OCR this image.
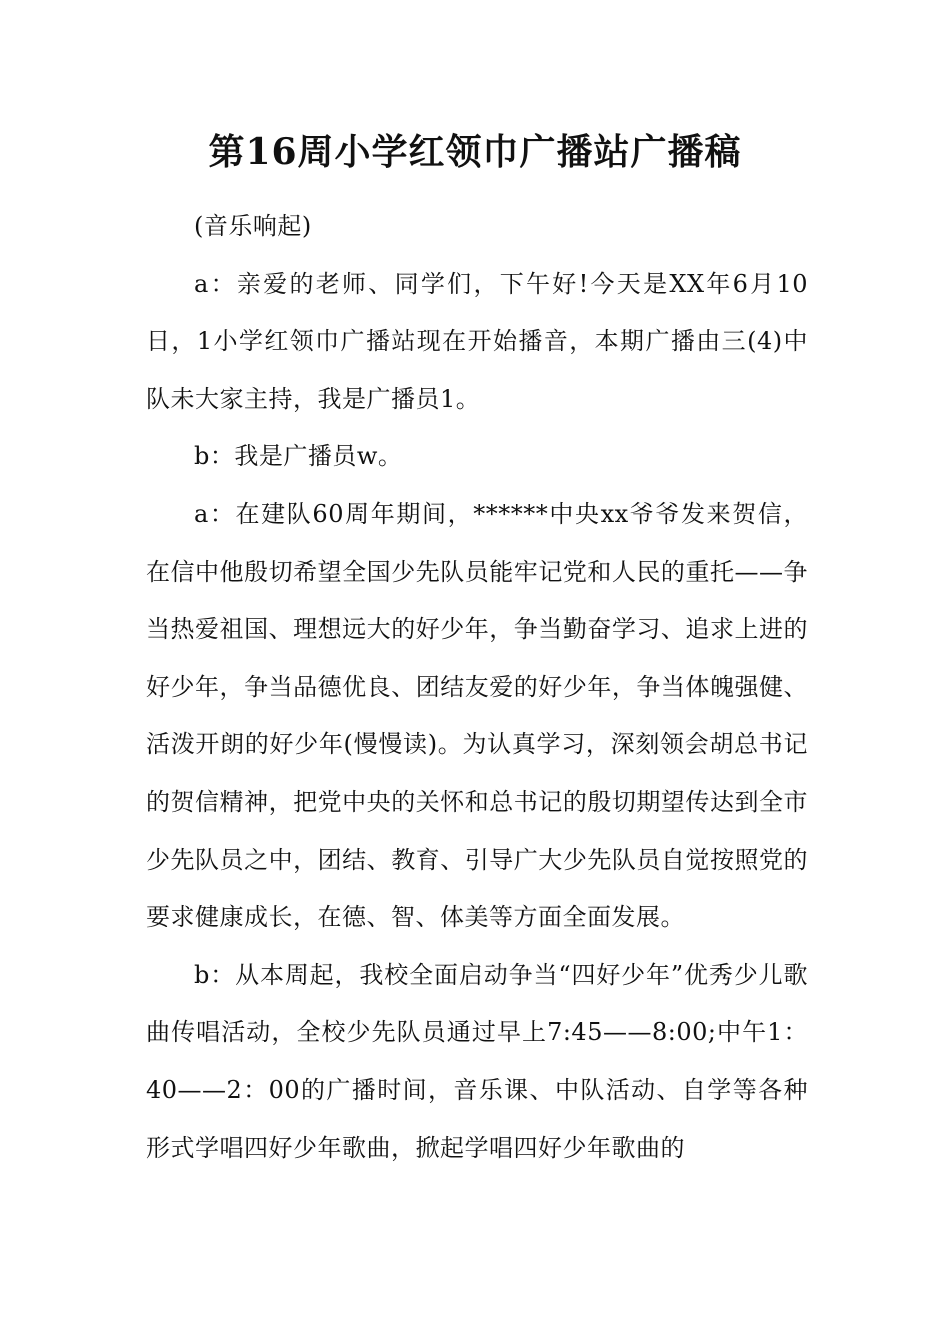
第16周小学红领巾广播站广播稿

(音乐响起)

a：亲爱的老师、同学们，下午好!今天是XX年6月10日，1小学红领巾广播站现在开始播音，本期广播由三(4)中队未大家主持，我是广播员1。

b：我是广播员w。

a：在建队60周年期间，******中央xx爷爷发来贺信，在信中他殷切希望全国少先队员能牢记党和人民的重托——争当热爱祖国、理想远大的好少年，争当勤奋学习、追求上进的好少年，争当品德优良、团结友爱的好少年，争当体魄强健、活泼开朗的好少年(慢慢读)。为认真学习，深刻领会胡总书记的贺信精神，把党中央的关怀和总书记的殷切期望传达到全市少先队员之中，团结、教育、引导广大少先队员自觉按照党的要求健康成长，在德、智、体美等方面全面发展。

b：从本周起，我校全面启动争当“四好少年”优秀少儿歌曲传唱活动，全校少先队员通过早上7:45——8:00;中午1：40——2：00的广播时间，音乐课、中队活动、自学等各种形式学唱四好少年歌曲，掀起学唱四好少年歌曲的
